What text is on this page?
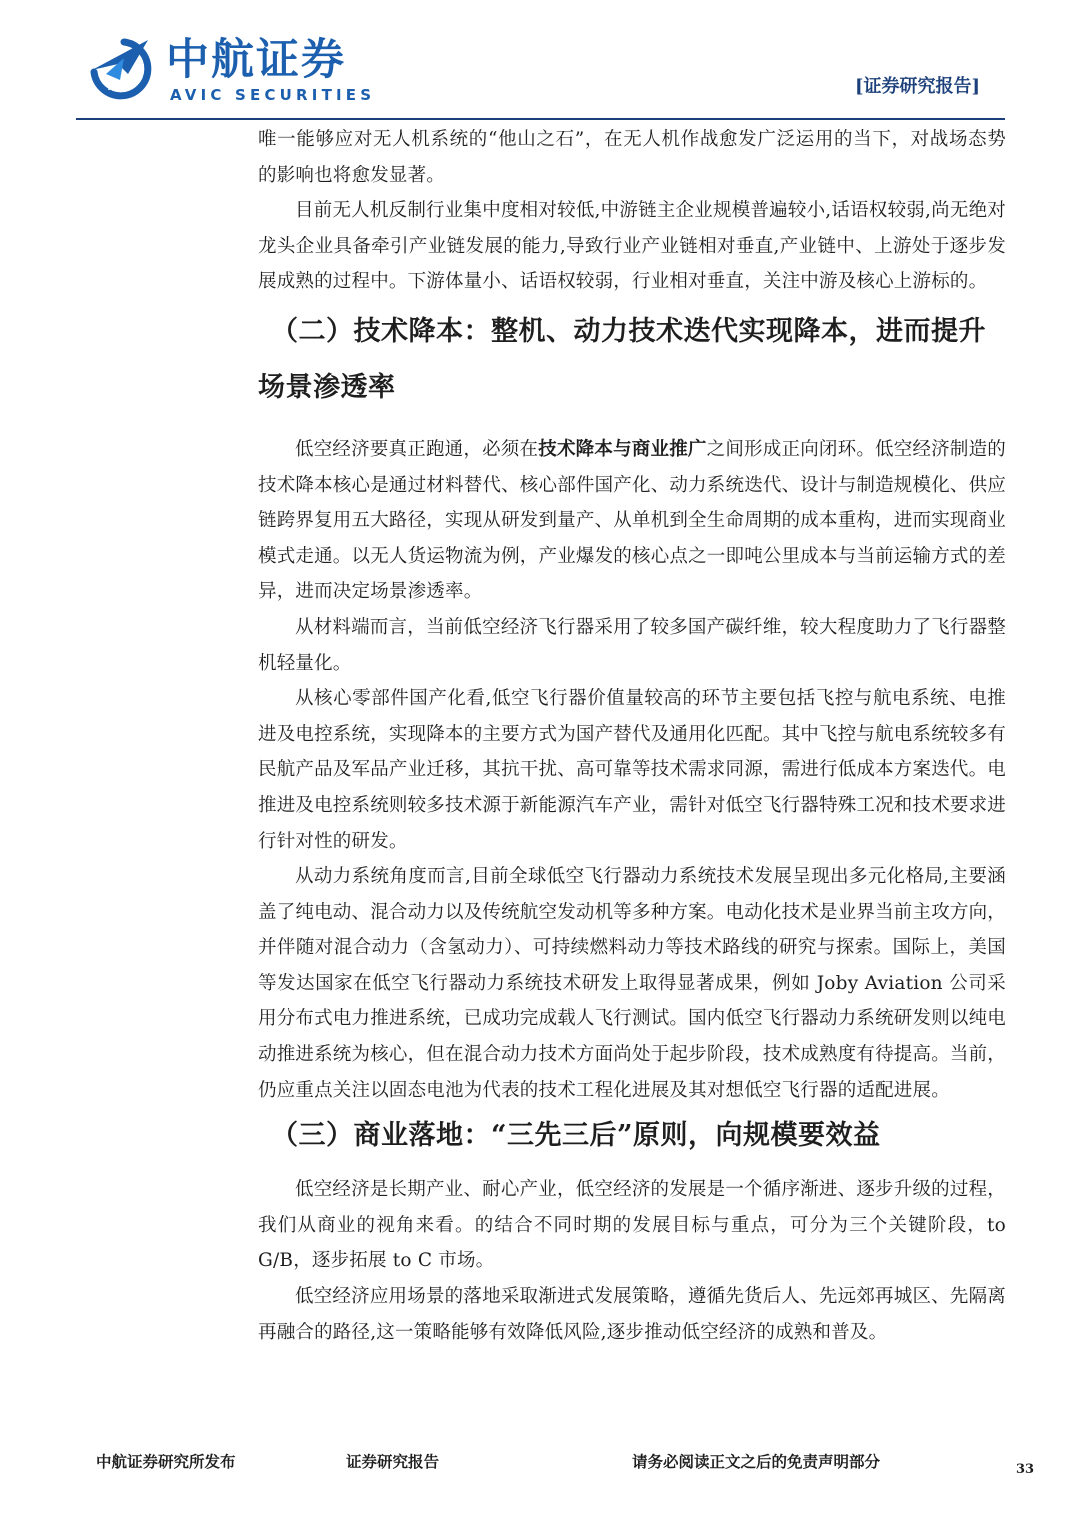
AVIC
中航证券
AVIC SECURITIES	[证券研究报告]

唯一能够应对无人机系统的“他山之石”，在无人机作战愈发广泛运用的当下，对战场态势的影响也将愈发显著。

目前无人机反制行业集中度相对较低,中游链主企业规模普遍较小,话语权较弱,尚无绝对龙头企业具备牵引产业链发展的能力,导致行业产业链相对垂直,产业链中、上游处于逐步发展成熟的过程中。下游体量小、话语权较弱，行业相对垂直，关注中游及核心上游标的。

（二）技术降本：整机、动力技术迭代实现降本，进而提升
场景渗透率

低空经济要真正跑通，必须在技术降本与商业推广之间形成正向闭环。低空经济制造的技术降本核心是通过材料替代、核心部件国产化、动力系统迭代、设计与制造规模化、供应链跨界复用五大路径，实现从研发到量产、从单机到全生命周期的成本重构，进而实现商业模式走通。以无人货运物流为例，产业爆发的核心点之一即吨公里成本与当前运输方式的差异，进而决定场景渗透率。

从材料端而言，当前低空经济飞行器采用了较多国产碳纤维，较大程度助力了飞行器整机轻量化。

从核心零部件国产化看,低空飞行器价值量较高的环节主要包括飞控与航电系统、电推进及电控系统，实现降本的主要方式为国产替代及通用化匹配。其中飞控与航电系统较多有民航产品及军品产业迁移，其抗干扰、高可靠等技术需求同源，需进行低成本方案迭代。电推进及电控系统则较多技术源于新能源汽车产业，需针对低空飞行器特殊工况和技术要求进行针对性的研发。

从动力系统角度而言,目前全球低空飞行器动力系统技术发展呈现出多元化格局,主要涵盖了纯电动、混合动力以及传统航空发动机等多种方案。电动化技术是业界当前主攻方向，并伴随对混合动力（含氢动力）、可持续燃料动力等技术路线的研究与探索。国际上，美国等发达国家在低空飞行器动力系统技术研发上取得显著成果，例如 Joby Aviation 公司采用分布式电力推进系统，已成功完成载人飞行测试。国内低空飞行器动力系统研发则以纯电动推进系统为核心，但在混合动力技术方面尚处于起步阶段，技术成熟度有待提高。当前，仍应重点关注以固态电池为代表的技术工程化进展及其对想低空飞行器的适配进展。

（三）商业落地：“三先三后”原则，向规模要效益

低空经济是长期产业、耐心产业，低空经济的发展是一个循序渐进、逐步升级的过程，我们从商业的视角来看。的结合不同时期的发展目标与重点，可分为三个关键阶段，to G/B，逐步拓展 to C 市场。

低空经济应用场景的落地采取渐进式发展策略，遵循先货后人、先远郊再城区、先隔离再融合的路径,这一策略能够有效降低风险,逐步推动低空经济的成熟和普及。

中航证券研究所发布	证券研究报告	请务必阅读正文之后的免责声明部分	33
